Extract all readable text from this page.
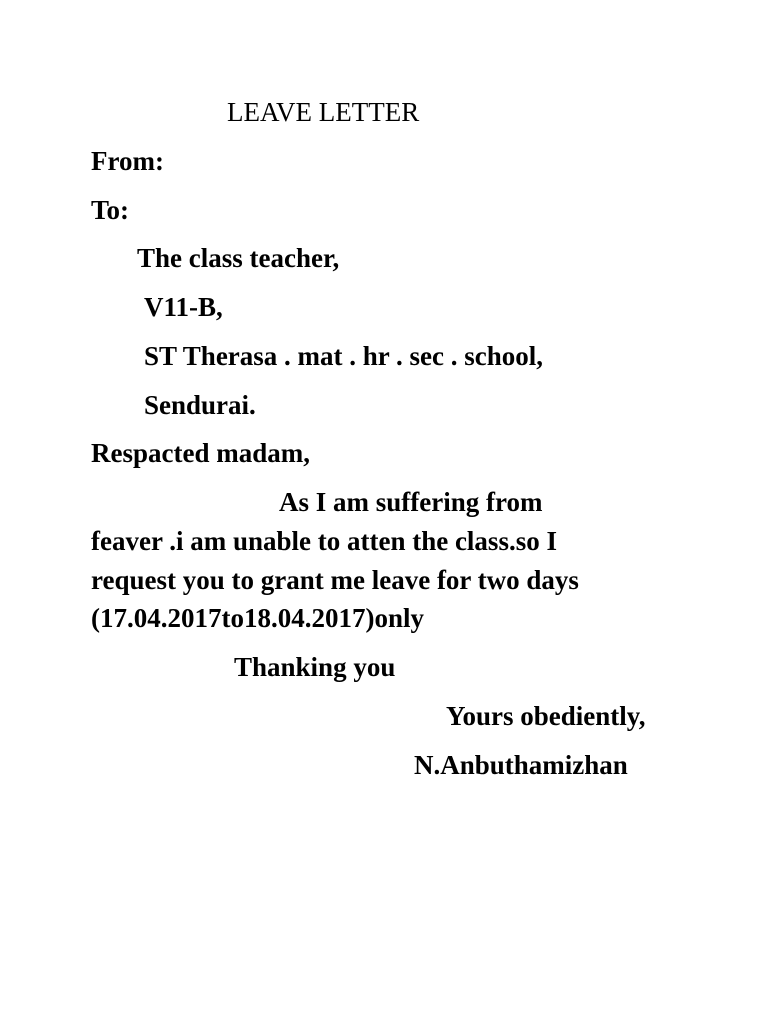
LEAVE LETTER

From:

To:

The class teacher,

V11-B,

ST Therasa . mat . hr . sec . school,

Sendurai.

Respacted madam,

As I am suffering from

feaver .i am unable to atten the class.so I

request you to grant me leave for two days

(17.04.2017to18.04.2017)only

Thanking you

Yours obediently,

N.Anbuthamizhan
